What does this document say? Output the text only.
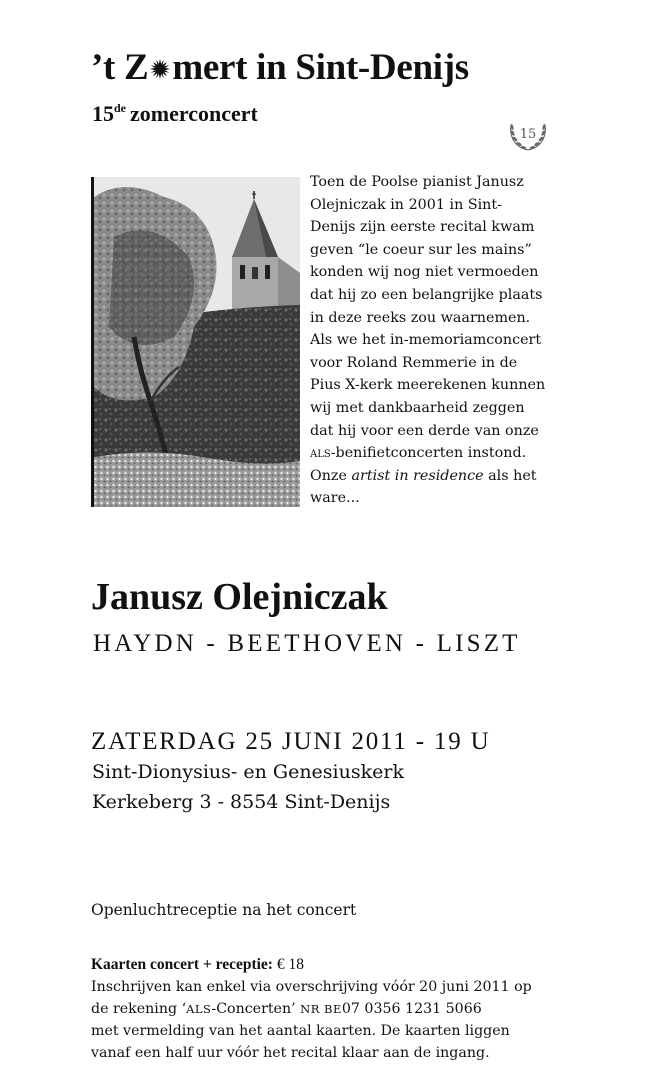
’t Z mert in Sint-Denijs
15de zomerconcert
15
Toen de Poolse pianist Janusz
Olejniczak in 2001 in Sint-
Denijs zijn eerste recital kwam
geven “le coeur sur les mains”
konden wij nog niet vermoeden
dat hij zo een belangrijke plaats
in deze reeks zou waarnemen.
Als we het in-memoriamconcert
voor Roland Remmerie in de
Pius X-kerk meerekenen kunnen
wij met dankbaarheid zeggen
dat hij voor een derde van onze
als-benifietconcerten instond.
Onze artist in residence als het
ware...
Janusz Olejniczak
HAYDN - BEETHOVEN - LISZT
ZATERDAG 25 JUNI 2011 - 19 U
Sint-Dionysius- en Genesiuskerk
Kerkeberg 3 - 8554 Sint-Denijs
Openluchtreceptie na het concert
Kaarten concert + receptie: € 18
Inschrijven kan enkel via overschrijving vóór 20 juni 2011 op
de rekening ‘ALS-Concerten’ NR BE07 0356 1231 5066
met vermelding van het aantal kaarten. De kaarten liggen
vanaf een half uur vóór het recital klaar aan de ingang.
